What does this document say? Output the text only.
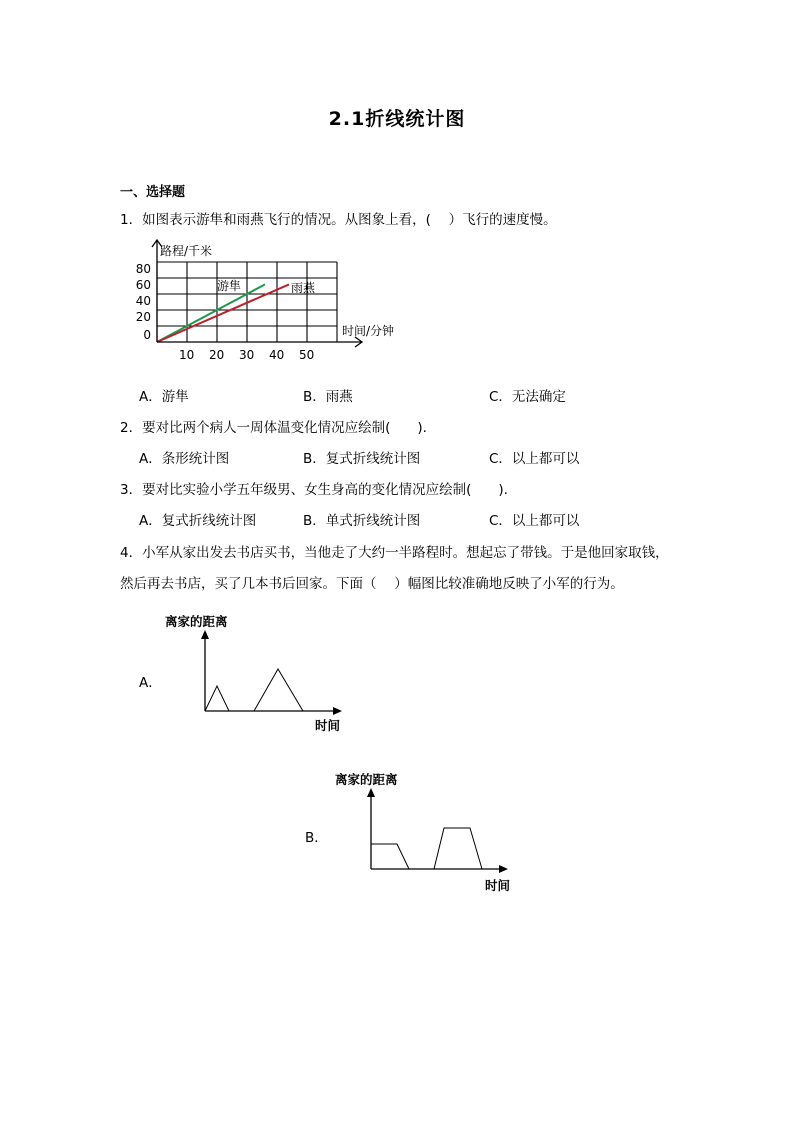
2.1折线统计图
一、选择题
1．如图表示游隼和雨燕飞行的情况。从图象上看，(　 ）飞行的速度慢。
路程/千米
时间/分钟
游隼	雨燕
80
60
40
20
0
10 20 30 40 50
A．游隼	B．雨燕	C．无法确定
2．要对比两个病人一周体温变化情况应绘制(　　).
A．条形统计图	B．复式折线统计图	C．以上都可以
3．要对比实验小学五年级男、女生身高的变化情况应绘制(　　).
A．复式折线统计图	B．单式折线统计图	C．以上都可以
4．小军从家出发去书店买书，当他走了大约一半路程时。想起忘了带钱。于是他回家取钱，
然后再去书店，买了几本书后回家。下面（　 ）幅图比较准确地反映了小军的行为。
离家的距离
A．
时间
离家的距离
B．
时间
